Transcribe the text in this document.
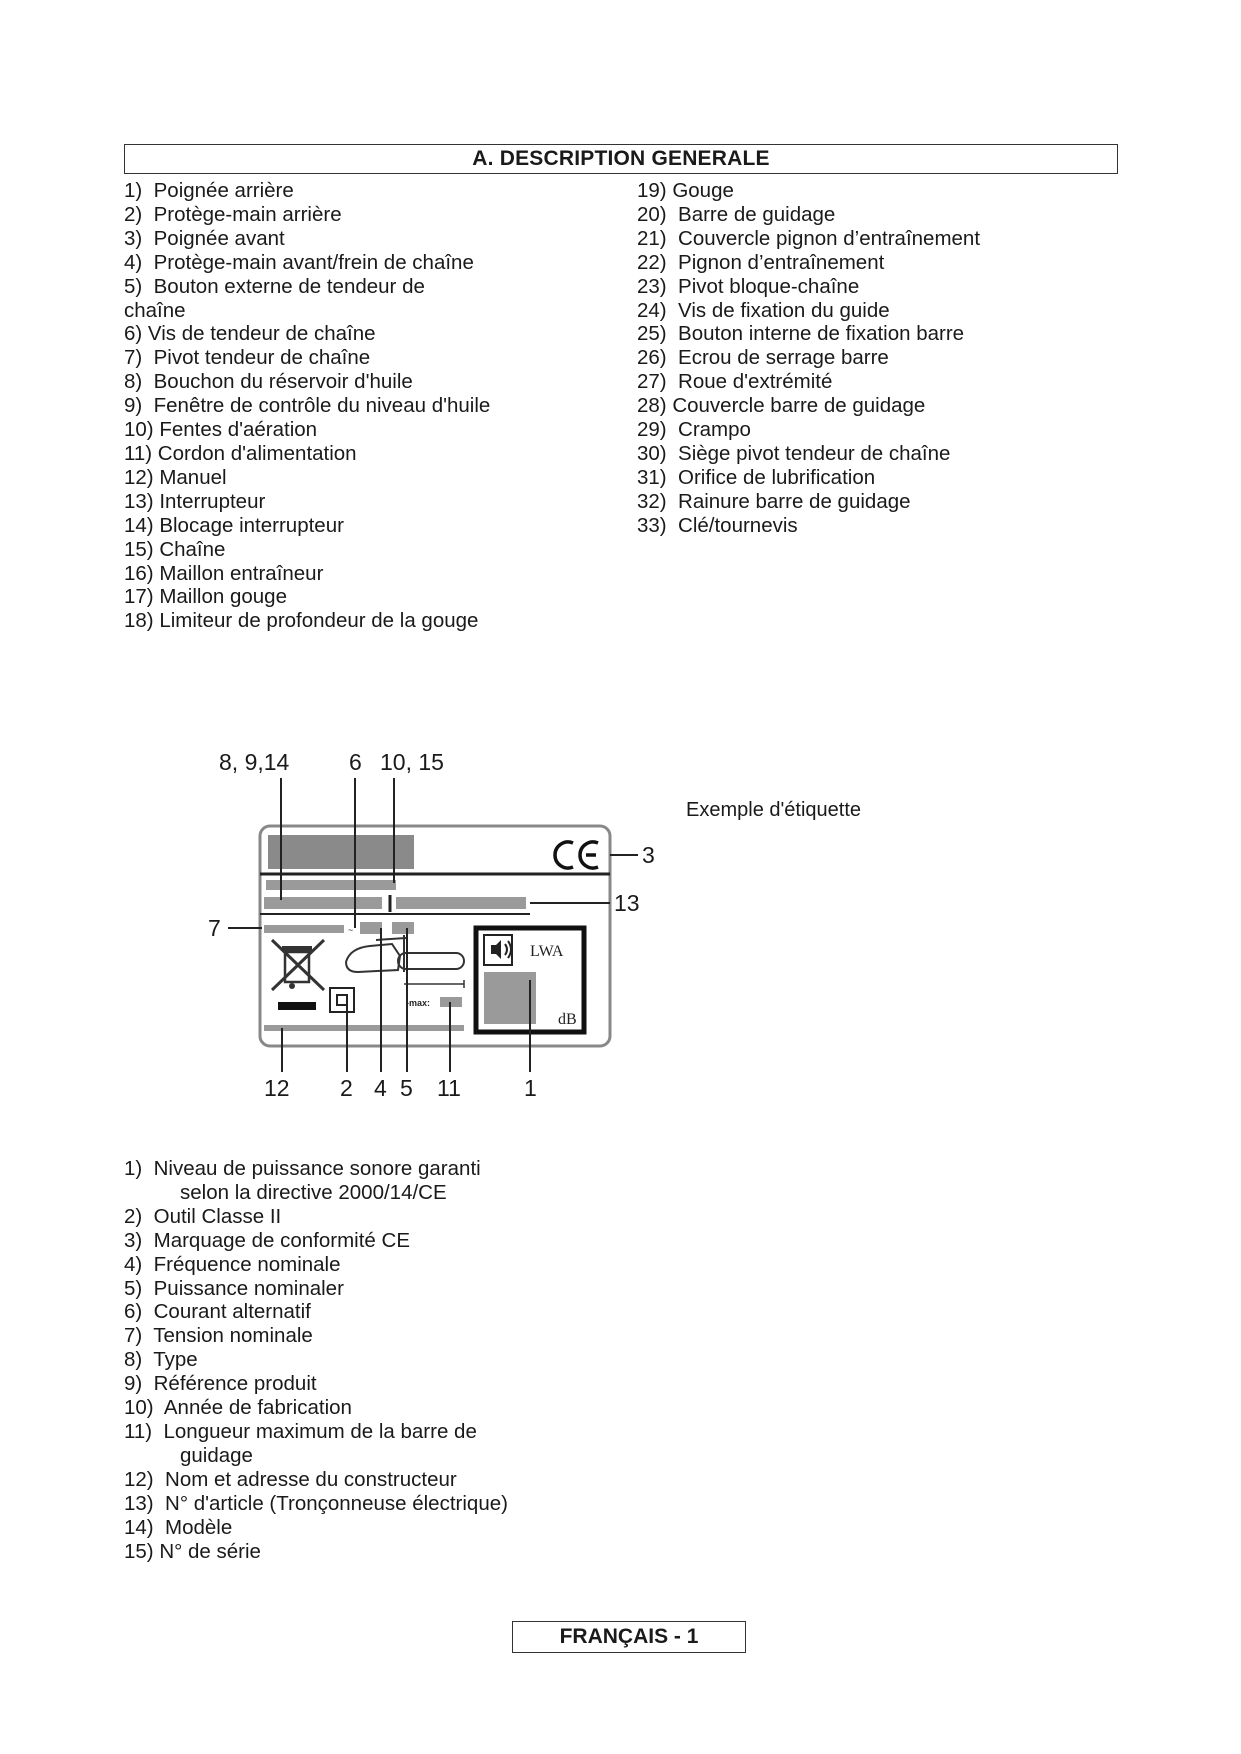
A. DESCRIPTION GENERALE
1)  Poignée arrière
2)  Protège-main arrière
3)  Poignée avant
4)  Protège-main avant/frein de chaîne
5)  Bouton externe de tendeur de
chaîne
6) Vis de tendeur de chaîne
7)  Pivot tendeur de chaîne
8)  Bouchon du réservoir d'huile
9)  Fenêtre de contrôle du niveau d'huile
10) Fentes d'aération
11) Cordon d'alimentation
12) Manuel
13) Interrupteur
14) Blocage interrupteur
15) Chaîne
16) Maillon entraîneur
17) Maillon gouge
18) Limiteur de profondeur de la gouge
19) Gouge
20)  Barre de guidage
21)  Couvercle pignon d’entraînement
22)  Pignon d’entraînement
23)  Pivot bloque-chaîne
24)  Vis de fixation du guide
25)  Bouton interne de fixation barre
26)  Ecrou de serrage barre
27)  Roue d'extrémité
28) Couvercle barre de guidage
29)  Crampo
30)  Siège pivot tendeur de chaîne
31)  Orifice de lubrification
32)  Rainure barre de guidage
33)  Clé/tournevis
8, 9,14	6 10, 15
~
-max:
LWA
dB
7
3
13
12 2 4 5 11	1
Exemple d'étiquette
1)  Niveau de puissance sonore garanti
selon la directive 2000/14/CE
2)  Outil Classe II
3)  Marquage de conformité CE
4)  Fréquence nominale
5)  Puissance nominaler
6)  Courant alternatif
7)  Tension nominale
8)  Type
9)  Référence produit
10)  Année de fabrication
11)  Longueur maximum de la barre de
guidage
12)  Nom et adresse du constructeur
13)  N° d'article (Tronçonneuse électrique)
14)  Modèle
15) N° de série
FRANÇAIS - 1
